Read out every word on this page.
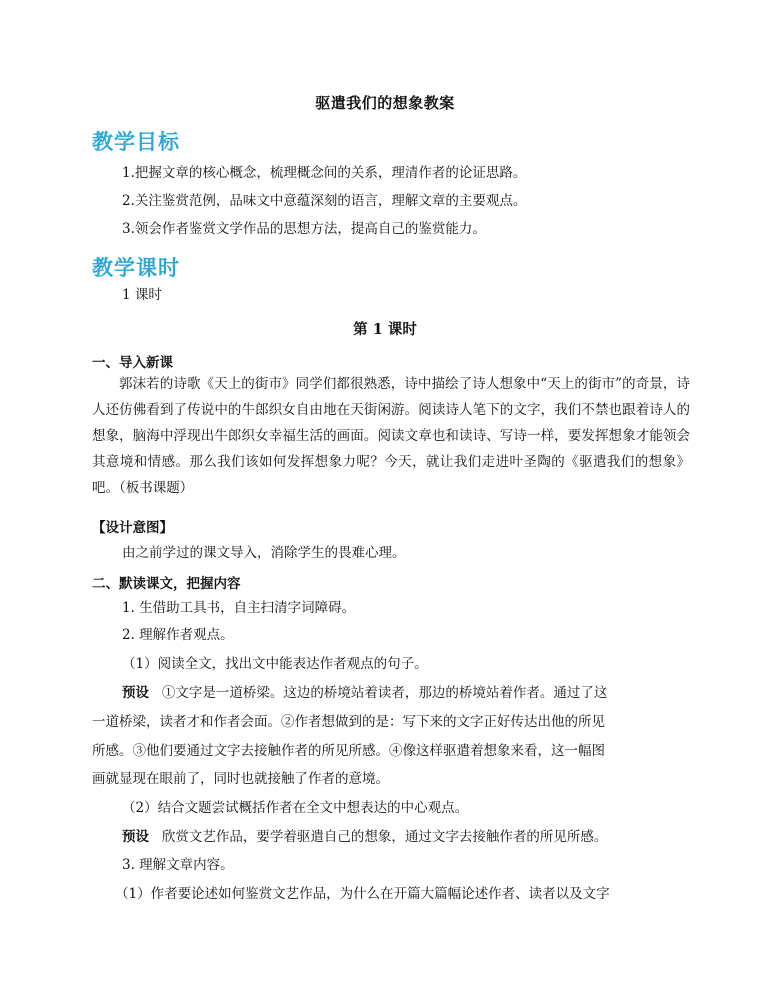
驱遣我们的想象教案
教学目标
1.把握文章的核心概念，梳理概念间的关系，理清作者的论证思路。
2.关注鉴赏范例，品味文中意蕴深刻的语言，理解文章的主要观点。
3.领会作者鉴赏文学作品的思想方法，提高自己的鉴赏能力。
教学课时
1 课时
第 1 课时
一、导入新课

郭沫若的诗歌《天上的街市》同学们都很熟悉，诗中描绘了诗人想象中“天上的街市”的奇景，诗人还仿佛看到了传说中的牛郎织女自由地在天街闲游。阅读诗人笔下的文字，我们不禁也跟着诗人的想象，脑海中浮现出牛郎织女幸福生活的画面。阅读文章也和读诗、写诗一样，要发挥想象才能领会其意境和情感。那么我们该如何发挥想象力呢？今天，就让我们走进叶圣陶的《驱遣我们的想象》吧。（板书课题）

【设计意图】
由之前学过的课文导入，消除学生的畏难心理。
二、默读课文，把握内容
1. 生借助工具书，自主扫清字词障碍。
2. 理解作者观点。
（1）阅读全文，找出文中能表达作者观点的句子。
预设 ①文字是一道桥梁。这边的桥境站着读者，那边的桥境站着作者。通过了这
一道桥梁，读者才和作者会面。②作者想做到的是：写下来的文字正好传达出他的所见
所感。③他们要通过文字去接触作者的所见所感。④像这样驱遣着想象来看，这一幅图
画就显现在眼前了，同时也就接触了作者的意境。
（2）结合文题尝试概括作者在全文中想表达的中心观点。
预设 欣赏文艺作品，要学着驱遣自己的想象，通过文字去接触作者的所见所感。
3. 理解文章内容。
（1）作者要论述如何鉴赏文艺作品，为什么在开篇大篇幅论述作者、读者以及文字
